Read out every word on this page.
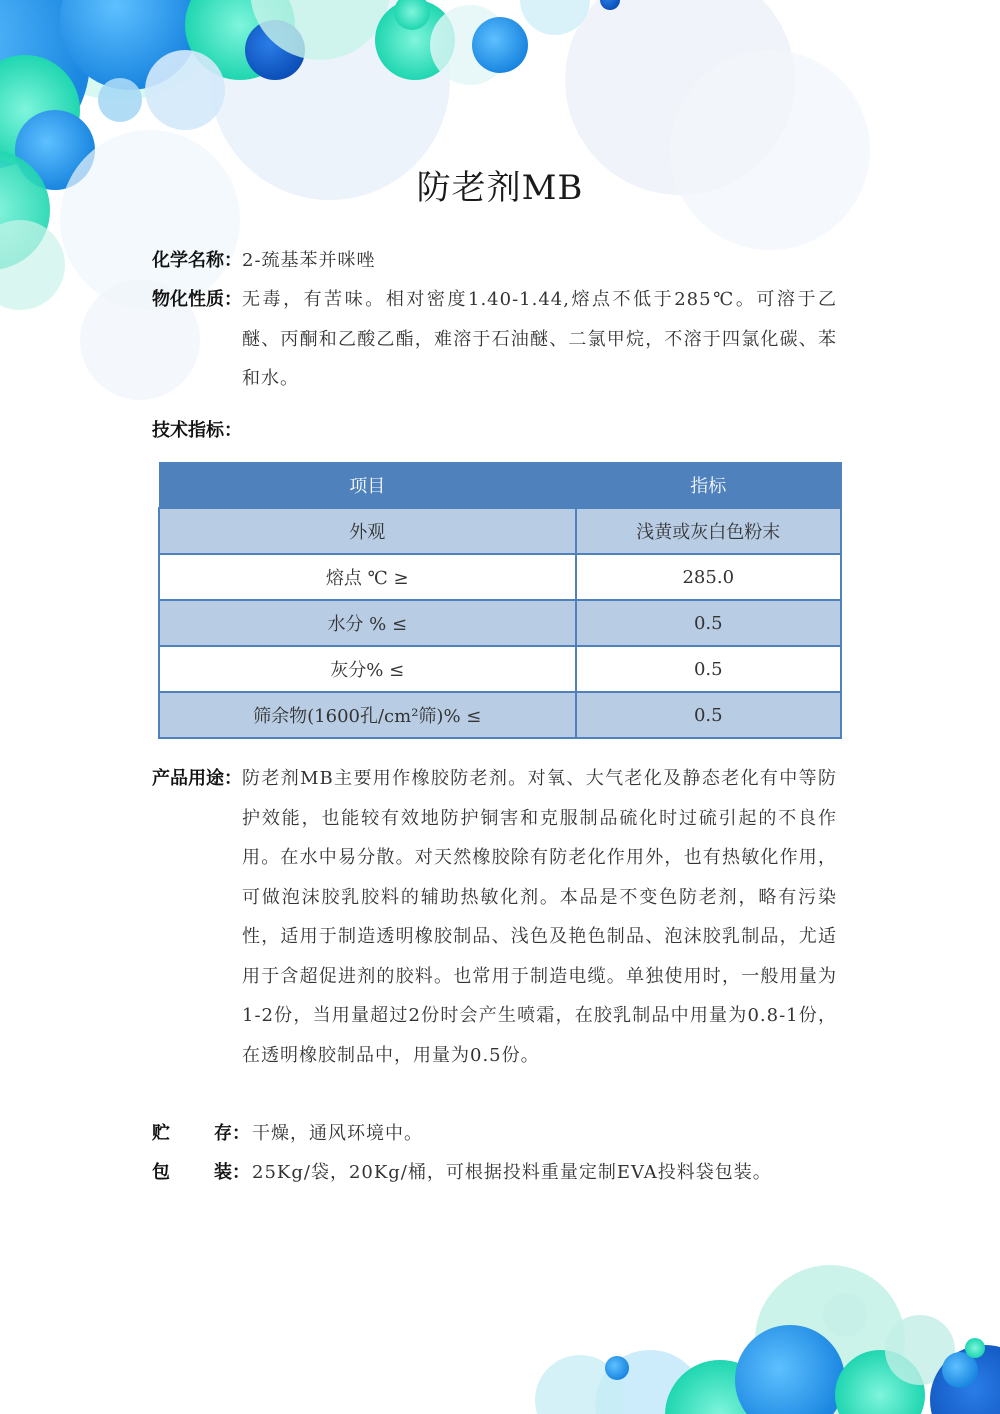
防老剂MB
化学名称：2-巯基苯并咪唑
物化性质：无毒，有苦味。相对密度1.40-1.44,熔点不低于285℃。可溶于乙醚、丙酮和乙酸乙酯，难溶于石油醚、二氯甲烷，不溶于四氯化碳、苯和水。
技术指标：
项目	指标
外观	浅黄或灰白色粉末
熔点 ℃ ≥	285.0
水分 % ≤	0.5
灰分% ≤	0.5
筛余物(1600孔/cm²筛)% ≤	0.5
产品用途：防老剂MB主要用作橡胶防老剂。对氧、大气老化及静态老化有中等防护效能，也能较有效地防护铜害和克服制品硫化时过硫引起的不良作用。在水中易分散。对天然橡胶除有防老化作用外，也有热敏化作用，可做泡沫胶乳胶料的辅助热敏化剂。本品是不变色防老剂，略有污染性，适用于制造透明橡胶制品、浅色及艳色制品、泡沫胶乳制品，尤适用于含超促进剂的胶料。也常用于制造电缆。单独使用时，一般用量为1-2份，当用量超过2份时会产生喷霜，在胶乳制品中用量为0.8-1份，在透明橡胶制品中，用量为0.5份。
贮 存： 干燥，通风环境中。
包 装：25Kg/袋，20Kg/桶，可根据投料重量定制EVA投料袋包装。
